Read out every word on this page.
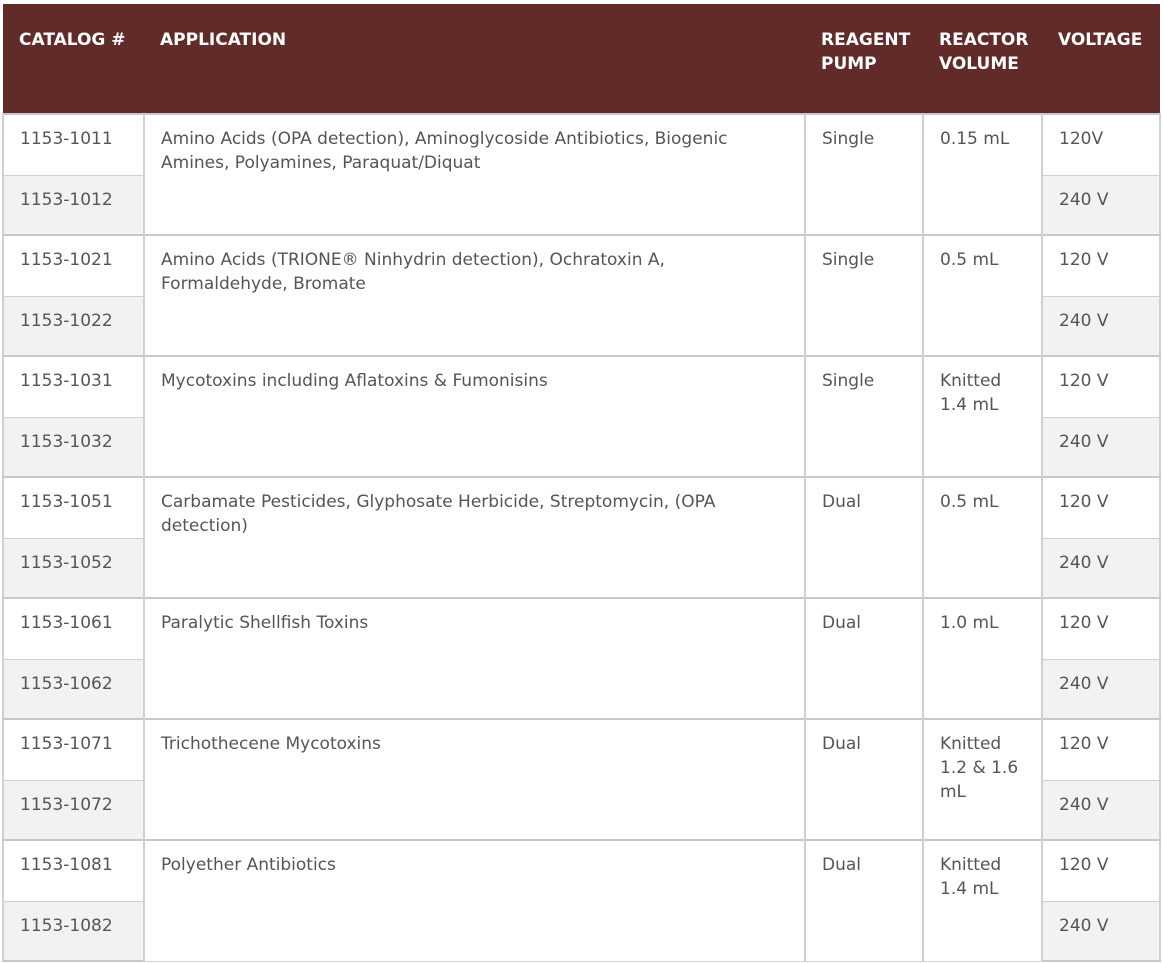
CATALOG #	APPLICATION	REAGENT PUMP	REACTOR VOLUME	VOLTAGE
1153-1011	Amino Acids (OPA detection), Aminoglycoside Antibiotics, Biogenic Amines, Polyamines, Paraquat/Diquat	Single	0.15 mL	120V
1153-1012				240 V
1153-1021	Amino Acids (TRIONE® Ninhydrin detection), Ochratoxin A, Formaldehyde, Bromate	Single	0.5 mL	120 V
1153-1022				240 V
1153-1031	Mycotoxins including Aflatoxins & Fumonisins	Single	Knitted 1.4 mL	120 V
1153-1032				240 V
1153-1051	Carbamate Pesticides, Glyphosate Herbicide, Streptomycin, (OPA detection)	Dual	0.5 mL	120 V
1153-1052				240 V
1153-1061	Paralytic Shellfish Toxins	Dual	1.0 mL	120 V
1153-1062				240 V
1153-1071	Trichothecene Mycotoxins	Dual	Knitted 1.2 & 1.6 mL	120 V
1153-1072				240 V
1153-1081	Polyether Antibiotics	Dual	Knitted 1.4 mL	120 V
1153-1082				240 V
